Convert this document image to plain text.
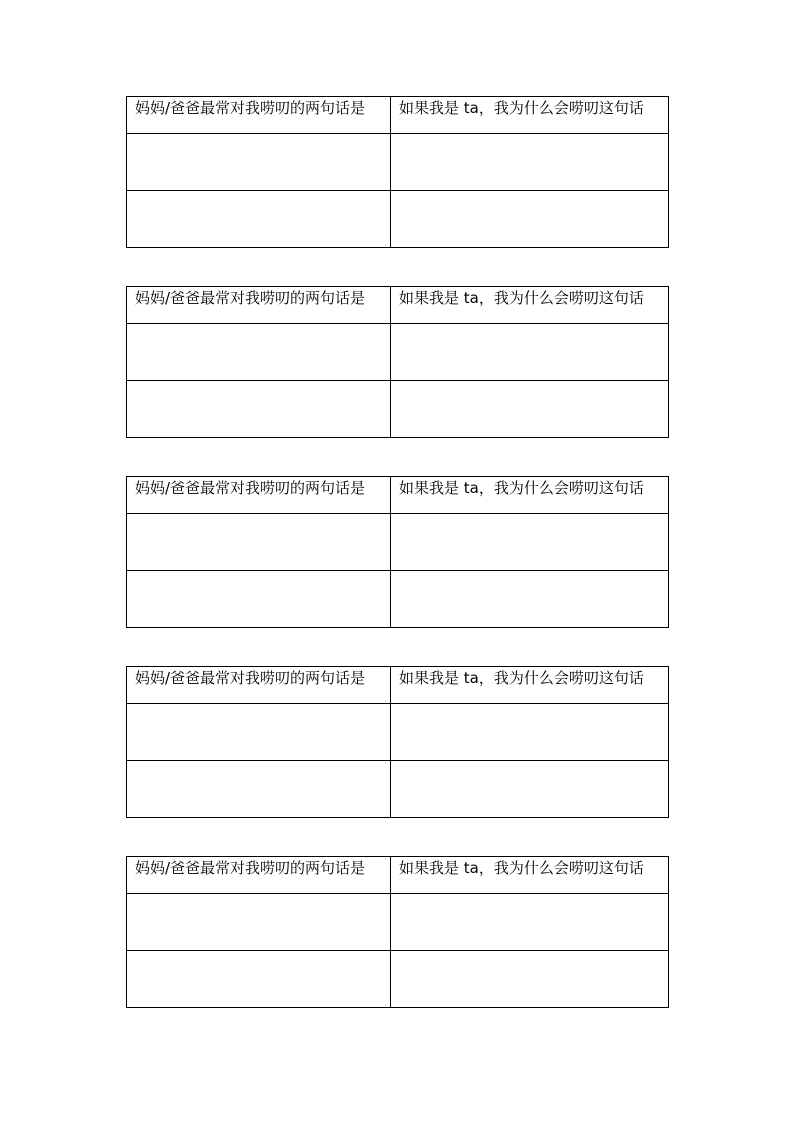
妈妈/爸爸最常对我唠叨的两句话是	如果我是 ta，我为什么会唠叨这句话

妈妈/爸爸最常对我唠叨的两句话是	如果我是 ta，我为什么会唠叨这句话

妈妈/爸爸最常对我唠叨的两句话是	如果我是 ta，我为什么会唠叨这句话

妈妈/爸爸最常对我唠叨的两句话是	如果我是 ta，我为什么会唠叨这句话

妈妈/爸爸最常对我唠叨的两句话是	如果我是 ta，我为什么会唠叨这句话
